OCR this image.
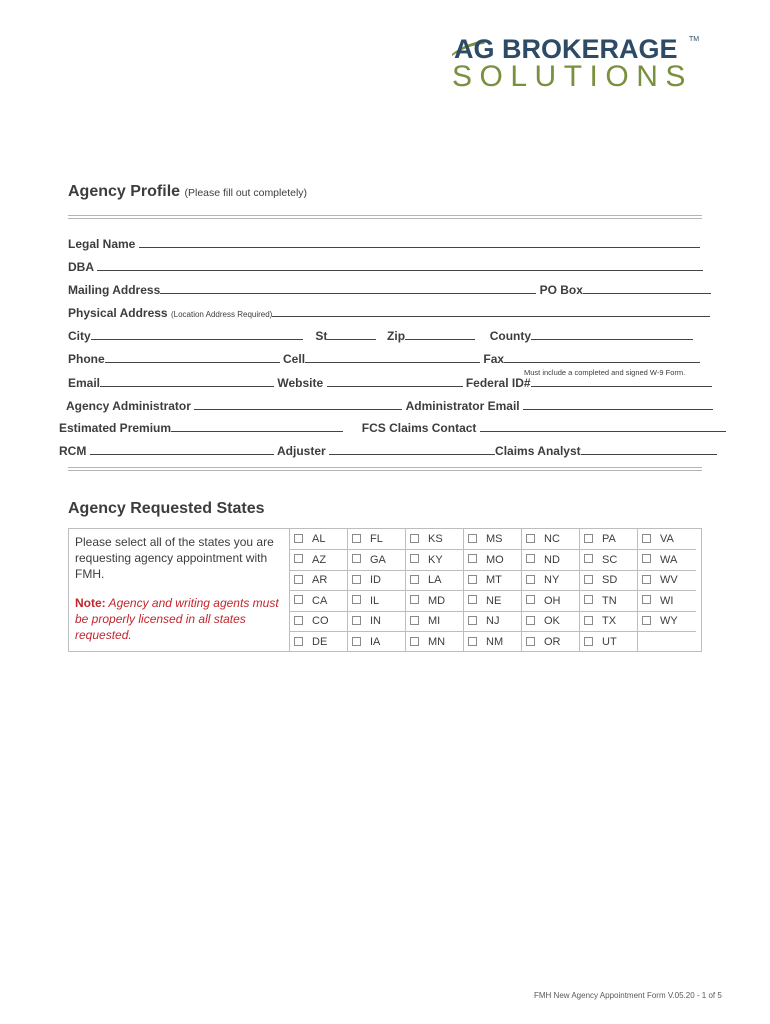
AG BROKERAGE TM
SOLUTIONS
Agency Profile (Please fill out completely)
Legal Name
DBA
Mailing Address	PO Box
Physical Address (Location Address Required)
City	St	Zip	County
Phone	Cell	Fax
Must include a completed and signed W-9 Form.
Email	Website	Federal ID#
Agency Administrator	Administrator Email
Estimated Premium	FCS Claims Contact
RCM	Adjuster	Claims Analyst
Agency Requested States
Please select all of the states you are requesting agency appointment with FMH.
Note: Agency and writing agents must be properly licensed in all states requested.
AL	FL	KS	MS	NC	PA	VA
AZ	GA	KY	MO	ND	SC	WA
AR	ID	LA	MT	NY	SD	WV
CA	IL	MD	NE	OH	TN	WI
CO	IN	MI	NJ	OK	TX	WY
DE	IA	MN	NM	OR	UT	
FMH New Agency Appointment Form V.05.20 - 1 of 5
